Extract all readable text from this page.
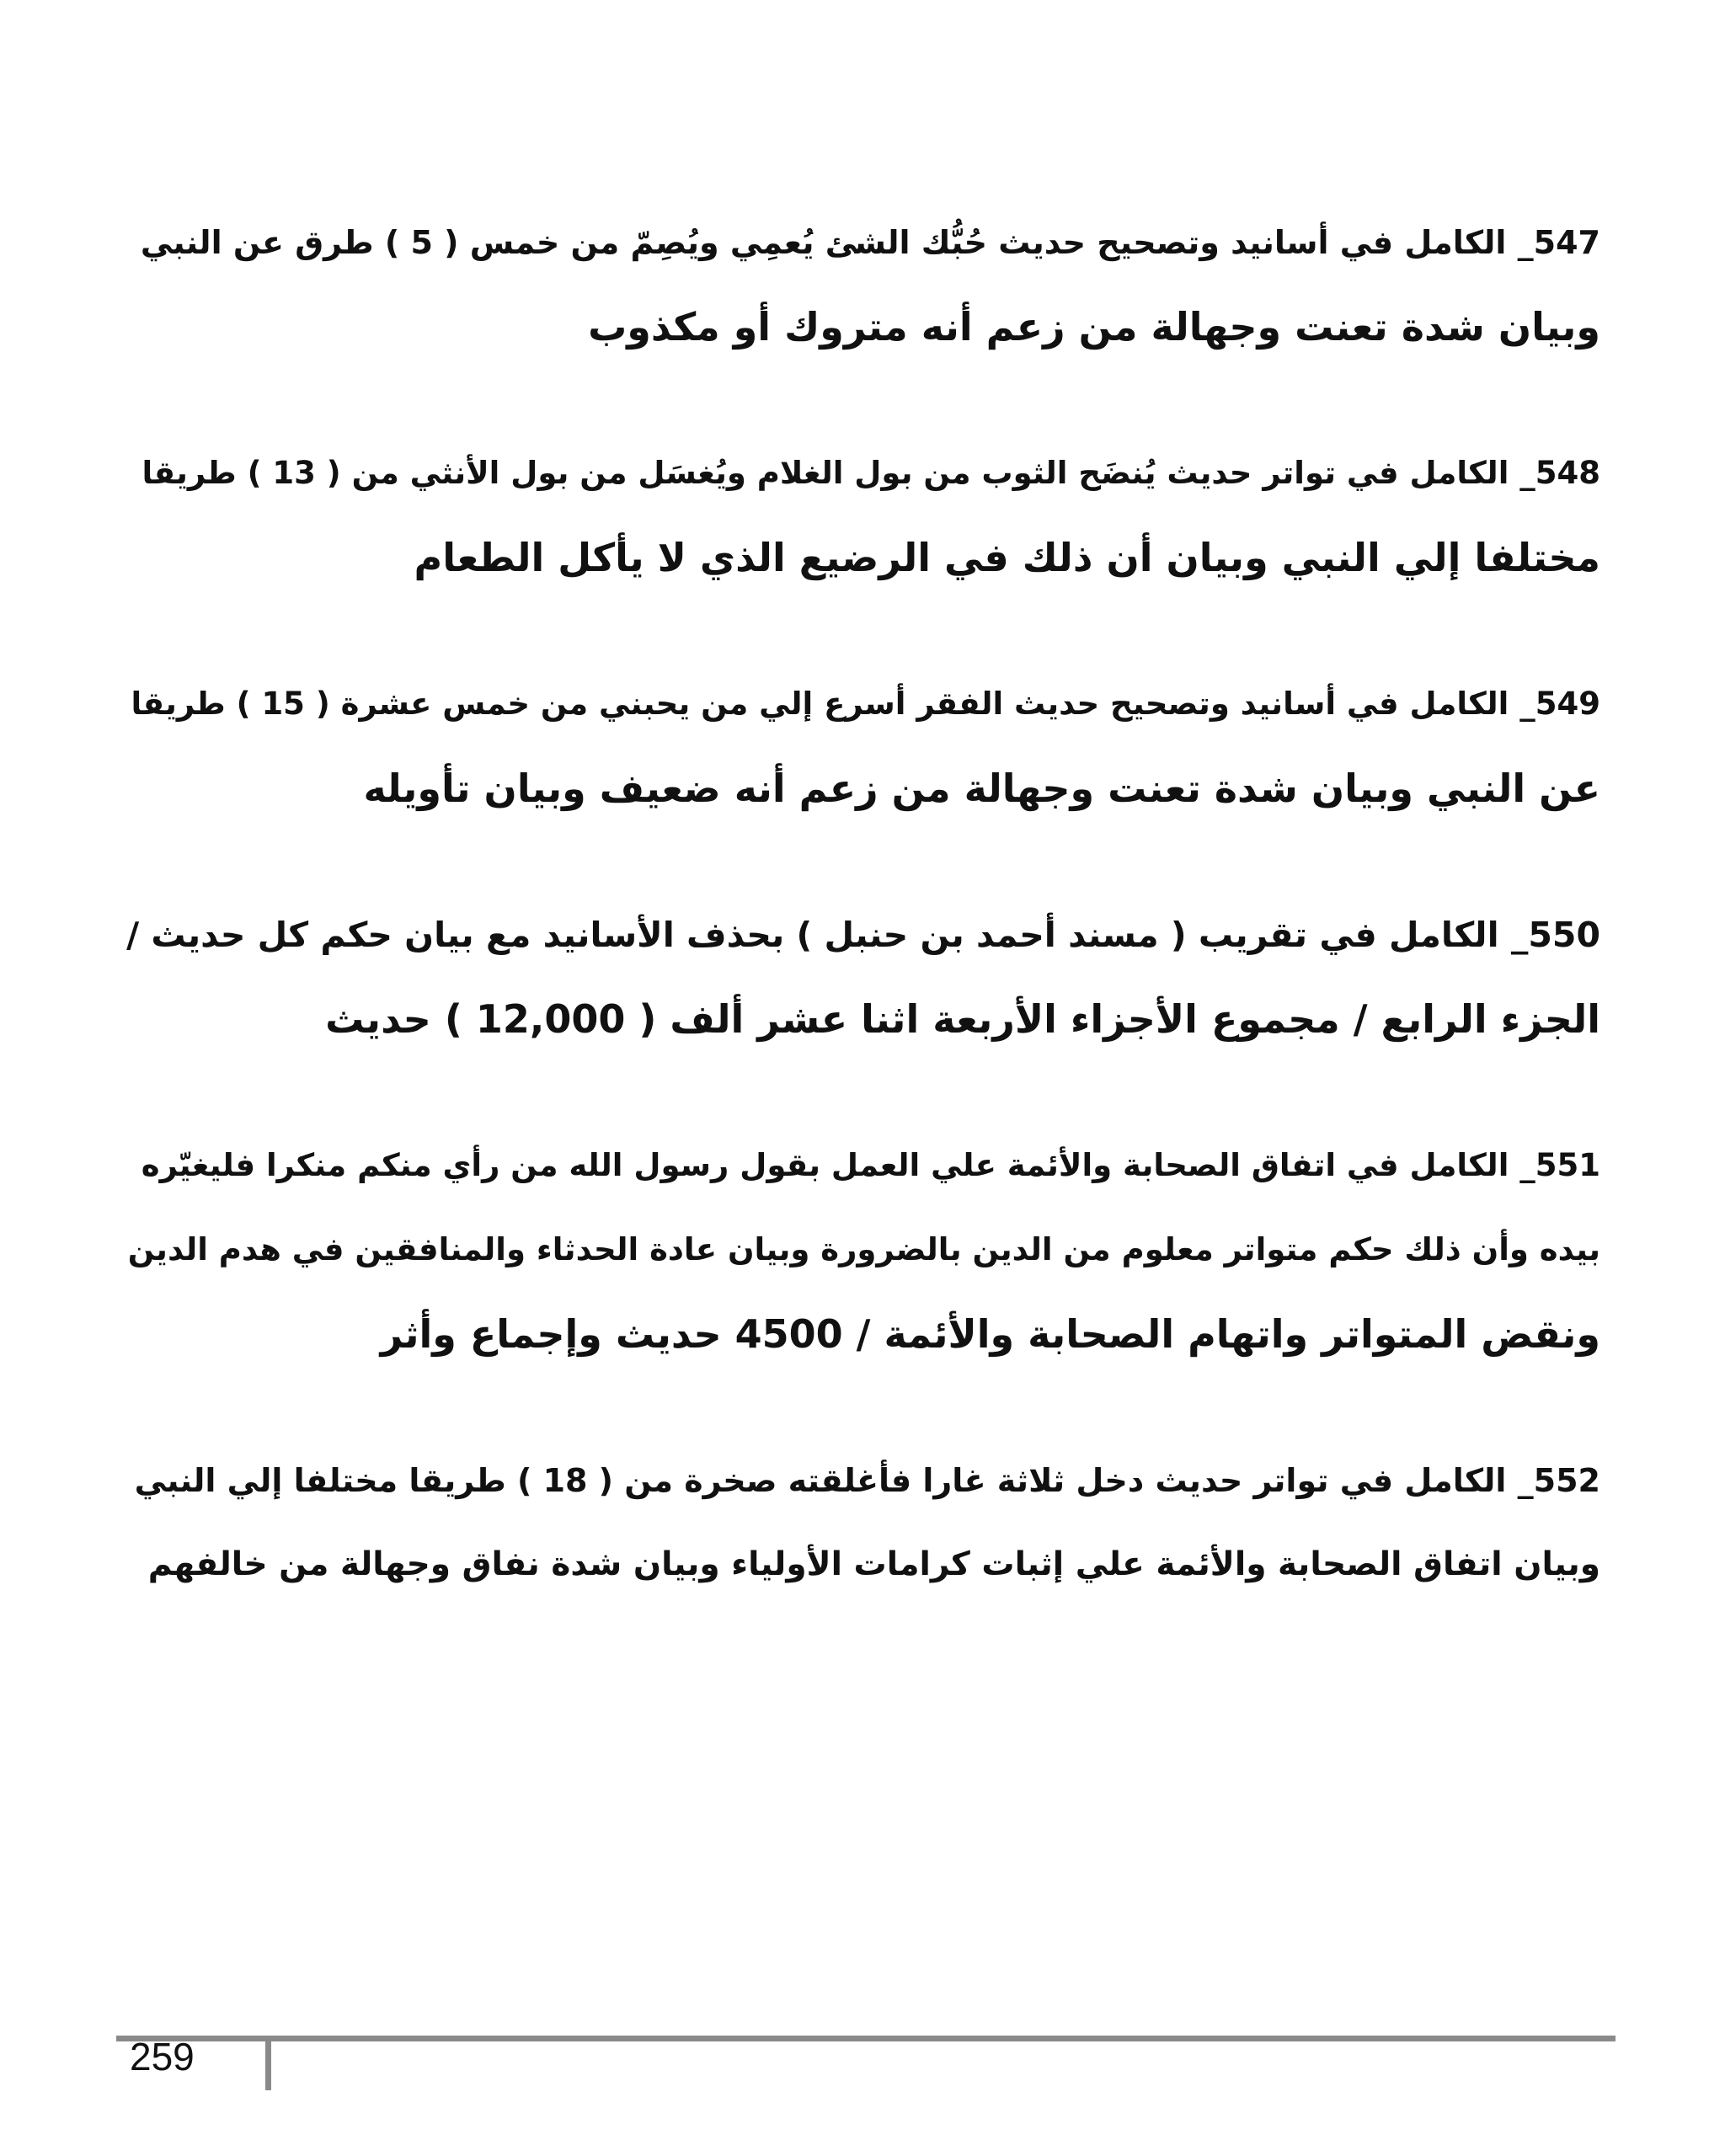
547_ الكامل في أسانيد وتصحيح حديث حُبُّك الشئ يُعمِي ويُصِمّ من خمس ( 5 ) طرق عن النبي
وبيان شدة تعنت وجهالة من زعم أنه متروك أو مكذوب
548_ الكامل في تواتر حديث يُنضَح الثوب من بول الغلام ويُغسَل من بول الأنثي من ( 13 ) طريقا
مختلفا إلي النبي وبيان أن ذلك في الرضيع الذي لا يأكل الطعام
549_ الكامل في أسانيد وتصحيح حديث الفقر أسرع إلي من يحبني من خمس عشرة ( 15 ) طريقا
عن النبي وبيان شدة تعنت وجهالة من زعم أنه ضعيف وبيان تأويله
550_ الكامل في تقريب ( مسند أحمد بن حنبل ) بحذف الأسانيد مع بيان حكم كل حديث /
الجزء الرابع / مجموع الأجزاء الأربعة اثنا عشر ألف ( 12,000 ) حديث
551_ الكامل في اتفاق الصحابة والأئمة علي العمل بقول رسول الله من رأي منكم منكرا فليغيّره
بيده وأن ذلك حكم متواتر معلوم من الدين بالضرورة وبيان عادة الحدثاء والمنافقين في هدم الدين
ونقض المتواتر واتهام الصحابة والأئمة / 4500 حديث وإجماع وأثر
552_ الكامل في تواتر حديث دخل ثلاثة غارا فأغلقته صخرة من ( 18 ) طريقا مختلفا إلي النبي
وبيان اتفاق الصحابة والأئمة علي إثبات كرامات الأولياء وبيان شدة نفاق وجهالة من خالفهم
259
